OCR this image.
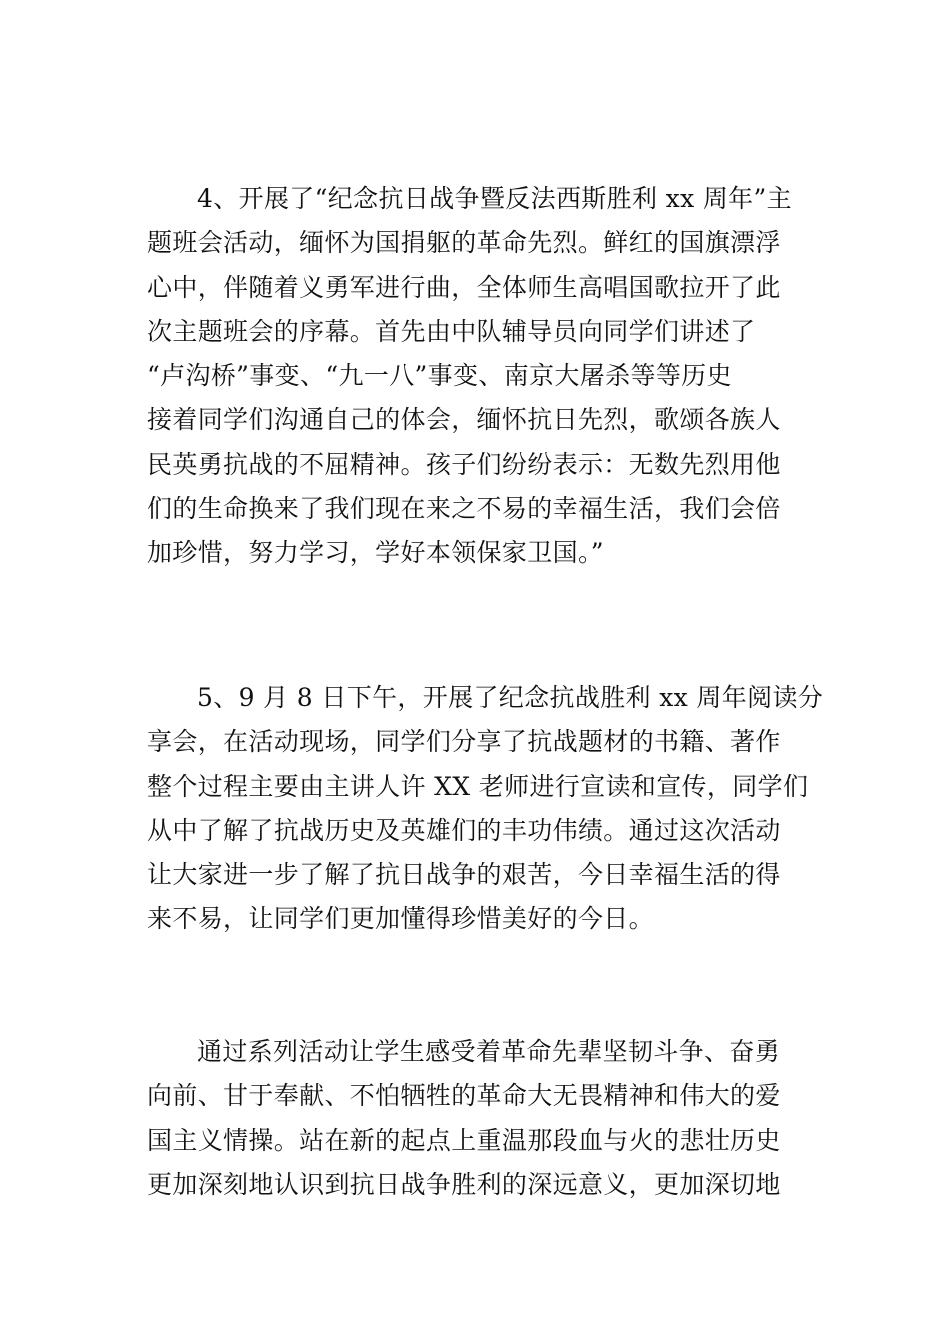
4、开展了“纪念抗日战争暨反法西斯胜利 xx 周年”主
题班会活动，缅怀为国捐躯的革命先烈。鲜红的国旗漂浮
心中，伴随着义勇军进行曲，全体师生高唱国歌拉开了此
次主题班会的序幕。首先由中队辅导员向同学们讲述了
“卢沟桥”事变、“九一八”事变、南京大屠杀等等历史
接着同学们沟通自己的体会，缅怀抗日先烈，歌颂各族人
民英勇抗战的不屈精神。孩子们纷纷表示：无数先烈用他
们的生命换来了我们现在来之不易的幸福生活，我们会倍
加珍惜，努力学习，学好本领保家卫国。”
5、9 月 8 日下午，开展了纪念抗战胜利 xx 周年阅读分
享会，在活动现场，同学们分享了抗战题材的书籍、著作
整个过程主要由主讲人许 XX 老师进行宣读和宣传，同学们
从中了解了抗战历史及英雄们的丰功伟绩。通过这次活动
让大家进一步了解了抗日战争的艰苦，今日幸福生活的得
来不易，让同学们更加懂得珍惜美好的今日。
通过系列活动让学生感受着革命先辈坚韧斗争、奋勇
向前、甘于奉献、不怕牺牲的革命大无畏精神和伟大的爱
国主义情操。站在新的起点上重温那段血与火的悲壮历史
更加深刻地认识到抗日战争胜利的深远意义，更加深切地
